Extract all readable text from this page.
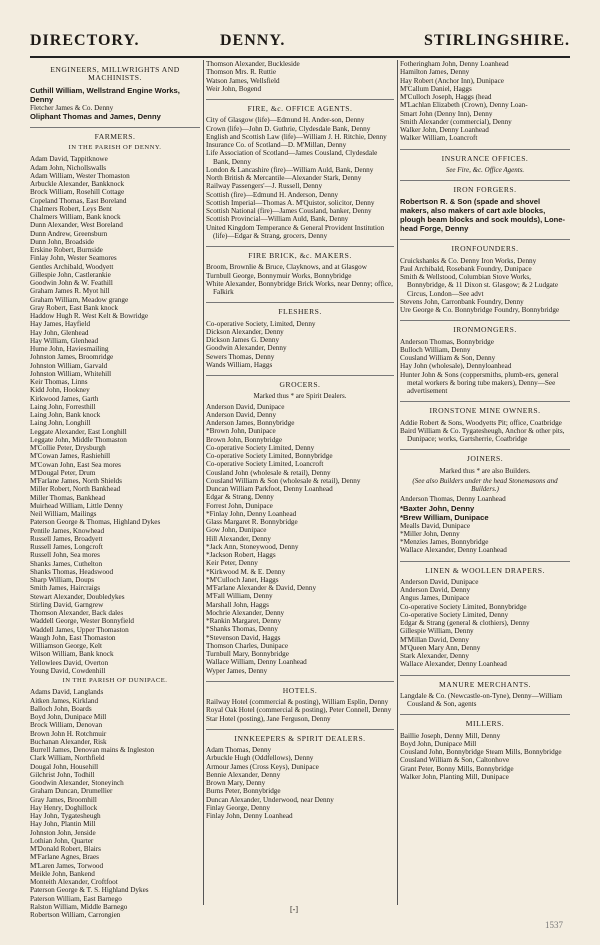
DIRECTORY.	DENNY.	STIRLINGSHIRE.
ENGINEERS, MILLWRIGHTS AND MACHINISTS.
Cuthill William, Wellstrand Engine Works, Denny
Fletcher James & Co. Denny
Oliphant Thomas and James, Denny
FARMERS.
IN THE PARISH OF DENNY.
Adam David, Tappitknowe
Adam John, Nichollswalls
Adam William, Wester Thomaston
Arbuckle Alexander, Bankknock
Brock William, Rosehill Cottage
Copeland Thomas, East Boreland
Chalmers Robert, Leys Bent
Chalmers William, Bank knock
Dunn Alexander, West Boreland
Dunn Andrew, Greensburn
Dunn John, Broadside
Erskine Robert, Burnside
Finlay John, Wester Seamores
Gentles Archibald, Woodyett
Gillespie John, Castlerankie
Goodwin John & W. Feathill
Graham James R. Myot hill
Graham William, Meadow grange
Gray Robert, East Bank knock
Haddow Hugh R. West Kelt & Bowridge
Hay James, Hayfield
Hay John, Glenhead
Hay William, Glenhead
Hume John, Haviesmailing
Johnston James, Broomridge
Johnston William, Garvald
Johnston William, Whitehill
Keir Thomas, Linns
Kidd John, Hookney
Kirkwood James, Garth
Laing John, Forresthill
Laing John, Bank knock
Laing John, Longhill
Leggate Alexander, East Longhill
Leggate John, Middle Thomaston
M'Collie Peter, Drysburgh
M'Cowan James, Rashiehill
M'Cowan John, East Sea mores
M'Dougal Peter, Drum
M'Farlane James, North Shields
Miller Robert, North Bankhead
Miller Thomas, Bankhead
Muirhead William, Little Denny
Neil William, Mailings
Paterson George & Thomas, Highland Dykes
Pentile James, Knowhead
Russell James, Broadyett
Russell James, Longcroft
Russell John, Sea mores
Shanks James, Cuthelton
Shanks Thomas, Headswood
Sharp William, Doups
Smith James, Haircraigs
Stewart Alexander, Doubledykes
Stirling David, Garngrew
Thomson Alexander, Back dales
Waddell George, Wester Bonnyfield
Waddell James, Upper Thomaston
Waugh John, East Thomaston
Williamson George, Kelt
Wilson William, Bank knock
Yellowlees David, Overton
Young David, Cowdenhill
IN THE PARISH OF DUNIPACE.
Adams David, Langlands
Aitken James, Kirkland
Balloch John, Boards
Boyd John, Dunipace Mill
Brock William, Denovan
Brown John H. Rotchmuir
Buchanan Alexander, Risk
Burrell James, Denovan mains & Ingleston
Clark William, Northfield
Dougal John, Househill
Gilchrist John, Todhill
Goodwin Alexander, Stoneyinch
Graham Duncan, Drumellier
Gray James, Broomhill
Hay Henry, Doghillock
Hay John, Tygatesheugh
Hay John, Plantin Mill
Johnston John, Jenside
Lothian John, Quarter
M'Donald Robert, Blairs
M'Farlane Agnes, Braes
M'Laren James, Torwood
Meikle John, Bankend
Monteith Alexander, Croftfoot
Paterson George & T. S. Highland Dykes
Paterson William, East Barnego
Ralston William, Middle Barnego
Robertson William, Carrongien
Thomson Alexander, Buckleside
Thomson Mrs. R. Ruttie
Watson James, Wellsfield
Weir John, Bogend
FIRE, &c. OFFICE AGENTS.
City of Glasgow (life)—Edmund H. Ander-son, Denny
Crown (life)—John D. Guthrie, Clydesdale Bank, Denny
English and Scottish Law (life)—William J. H. Ritchie, Denny
Insurance Co. of Scotland—D. M'Millan, Denny
Life Association of Scotland—James Cousland, Clydesdale Bank, Denny
London & Lancashire (fire)—William Auld, Bank, Denny
North British & Mercantile—Alexander Stark, Denny
Railway Passengers'—J. Russell, Denny
Scottish (fire)—Edmund H. Anderson, Denny
Scottish Imperial—Thomas A. M'Quistor, solicitor, Denny
Scottish National (fire)—James Cousland, banker, Denny
Scottish Provincial—William Auld, Bank, Denny
United Kingdom Temperance & General Provident Institution (life)—Edgar & Strang, grocers, Denny
FIRE BRICK, &c. MAKERS.
Broom, Brownlie & Bruce, Clayknows, and at Glasgow
Turnbull George, Bonnymuir Works, Bonnybridge
White Alexander, Bonnybridge Brick Works, near Denny; office, Falkirk
FLESHERS.
Co-operative Society, Limited, Denny
Dickson Alexander, Denny
Dickson James G. Denny
Goodwin Alexander, Denny
Sewers Thomas, Denny
Wands William, Haggs
GROCERS.
Marked thus * are Spirit Dealers.
Anderson David, Dunipace
Anderson David, Denny
Anderson James, Bonnybridge
*Brown John, Dunipace
Brown John, Bonnybridge
Co-operative Society Limited, Denny
Co-operative Society Limited, Bonnybridge
Co-operative Society Limited, Loancroft
Cousland John (wholesale & retail), Denny
Cousland William & Son (wholesale & retail), Denny
Duncan William Parkfoot, Denny Loanhead
Edgar & Strang, Denny
Forrest John, Dunipace
*Finlay John, Denny Loanhead
Glass Margaret R. Bonnybridge
Gow John, Dunipace
Hill Alexander, Denny
*Jack Ann, Stoneywood, Denny
*Jackson Robert, Haggs
Keir Peter, Denny
*Kirkwood M. & E. Denny
*M'Culloch Janet, Haggs
M'Farlane Alexander & David, Denny
M'Fall William, Denny
Marshall John, Haggs
Mochrie Alexander, Denny
*Rankin Margaret, Denny
*Shanks Thomas, Denny
*Stevenson David, Haggs
Thomson Charles, Dunipace
Turnbull Mary, Bonnybridge
Wallace William, Denny Loanhead
Wyper James, Denny
HOTELS.
Railway Hotel (commercial & posting), William Esplin, Denny
Royal Oak Hotel (commercial & posting), Peter Connell, Denny
Star Hotel (posting), Jane Ferguson, Denny
INNKEEPERS & SPIRIT DEALERS.
Adam Thomas, Denny
Arbuckle Hugh (Oddfellows), Denny
Armour James (Cross Keys), Dunipace
Bennie Alexander, Denny
Brown Mary, Denny
Burns Peter, Bonnybridge
Duncan Alexander, Underwood, near Denny
Finlay George, Denny
Finlay John, Denny Loanhead
Fotheringham John, Denny Loanhead
Hamilton James, Denny
Hay Robert (Anchor Inn), Dunipace
M'Callum Daniel, Haggs
M'Culloch Joseph, Haggs (head
M'Lachlan Elizabeth (Crown), Denny Loan-
Smart John (Denny Inn), Denny
Smith Alexander (commercial), Denny
Walker John, Denny Loanhead
Walker William, Loancroft
INSURANCE OFFICES.
See Fire, &c. Office Agents.
IRON FORGERS.
Robertson R. & Son (spade and shovel makers, also makers of cart axle blocks, plough beam blocks and sock moulds), Lone-head Forge, Denny
IRONFOUNDERS.
Cruickshanks & Co. Denny Iron Works, Denny
Paul Archibald, Rosebank Foundry, Dunipace
Smith & Wellstood, Columbian Stove Works, Bonnybridge, & 11 Dixon st. Glasgow; & 2 Ludgate Circus, London—See advt
Stevens John, Carronbank Foundry, Denny
Ure George & Co. Bonnybridge Foundry, Bonnybridge
IRONMONGERS.
Anderson Thomas, Bonnybridge
Bulloch William, Denny
Cousland William & Son, Denny
Hay John (wholesale), Dennyloanhead
Hunter John & Sons (coppersmiths, plumb-ers, general metal workers & boring tube makers), Denny—See advertisement
IRONSTONE MINE OWNERS.
Addie Robert & Sons, Woodyetts Pit; office, Coatbridge
Baird William & Co. Tygatesheugh, Anchor & other pits, Dunipace; works, Gartsherrie, Coatbridge
JOINERS.
Marked thus * are also Builders.
(See also Builders under the head Stonemasons and Builders.)
Anderson Thomas, Denny Loanhead
*Baxter John, Denny
*Brew William, Dunipace
Mealls David, Dunipace
*Miller John, Denny
*Menzies James, Bonnybridge
Wallace Alexander, Denny Loanhead
LINEN & WOOLLEN DRAPERS.
Anderson David, Dunipace
Anderson David, Denny
Angus James, Dunipace
Co-operative Society Limited, Bonnybridge
Co-operative Society Limited, Denny
Edgar & Strang (general & clothiers), Denny
Gillespie William, Denny
M'Millan David, Denny
M'Queen Mary Ann, Denny
Stark Alexander, Denny
Wallace Alexander, Denny Loanhead
MANURE MERCHANTS.
Langdale & Co. (Newcastle-on-Tyne), Denny—William Cousland & Son, agents
MILLERS.
Baillie Joseph, Denny Mill, Denny
Boyd John, Dunipace Mill
Cousland John, Bonnybridge Steam Mills, Bonnybridge
Cousland William & Son, Caltonhove
Grant Peter, Bonny Mills, Bonnybridge
Walker John, Planting Mill, Dunipace
[-]
1537
